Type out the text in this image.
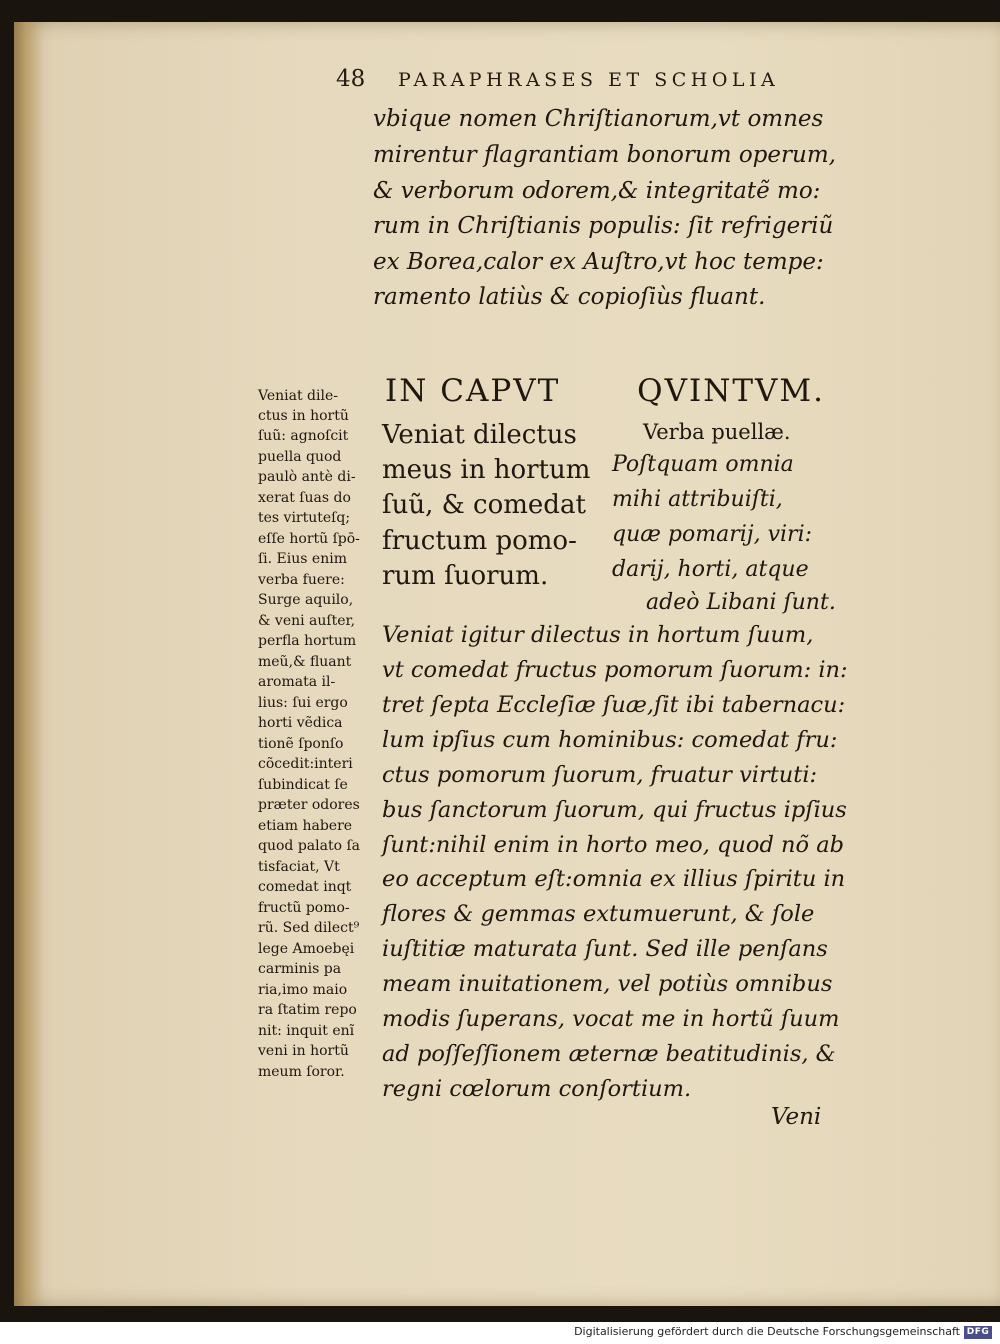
48 PARAPHRASES ET SCHOLIA
vbique nomen Chriſtianorum,vt omnes
mirentur flagrantiam bonorum operum,
& verborum odorem,& integritatẽ mo:
rum in Chriſtianis populis: ſit refrigeriũ
ex Borea,calor ex Auſtro,vt hoc tempe:
ramento latiùs & copioſiùs fluant.
IN CAPVT QVINTVM.
Veniat dilectus
meus in hortum
ſuũ, & comedat
fructum pomo-
rum ſuorum.
Verba puellæ.
Poſtquam omnia
mihi attribuiſti,
quæ pomarij, viri:
darij, horti, atque
adeò Libani ſunt.
Veniat dile-
ctus in hortũ
ſuũ: agnoſcit
puella quod
paulò antè di-
xerat ſuas do
tes virtuteſq;
eſſe hortũ ſpō-
ſi. Eius enim
verba fuere:
Surge aquilo,
& veni auſter,
perfla hortum
meũ,& fluant
aromata il-
lius: ſui ergo
horti vẽdica
tionẽ ſponſo
cõcedit:interi
ſubindicat ſe
præter odores
etiam habere
quod palato ſa
tisfaciat, Vt
comedat inqt
fructũ pomo-
rũ. Sed dilect⁹
lege Amoebęi
carminis pa
ria,imo maio
ra ſtatim repo
nit: inquit enĩ
veni in hortũ
meum ſoror.
Veniat igitur dilectus in hortum ſuum,
vt comedat fructus pomorum ſuorum: in:
tret ſepta Eccleſiæ ſuæ,ſit ibi tabernacu:
lum ipſius cum hominibus: comedat fru:
ctus pomorum ſuorum, fruatur virtuti:
bus ſanctorum ſuorum, qui fructus ipſius
ſunt:nihil enim in horto meo, quod nõ ab
eo acceptum eſt:omnia ex illius ſpiritu in
flores & gemmas extumuerunt, & ſole
iuſtitiæ maturata ſunt. Sed ille penſans
meam inuitationem, vel potiùs omnibus
modis ſuperans, vocat me in hortũ ſuum
ad poſſeſſionem æternæ beatitudinis, &
regni cœlorum conſortium.
Veni
Digitalisierung gefördert durch die Deutsche Forschungsgemeinschaft DFG
